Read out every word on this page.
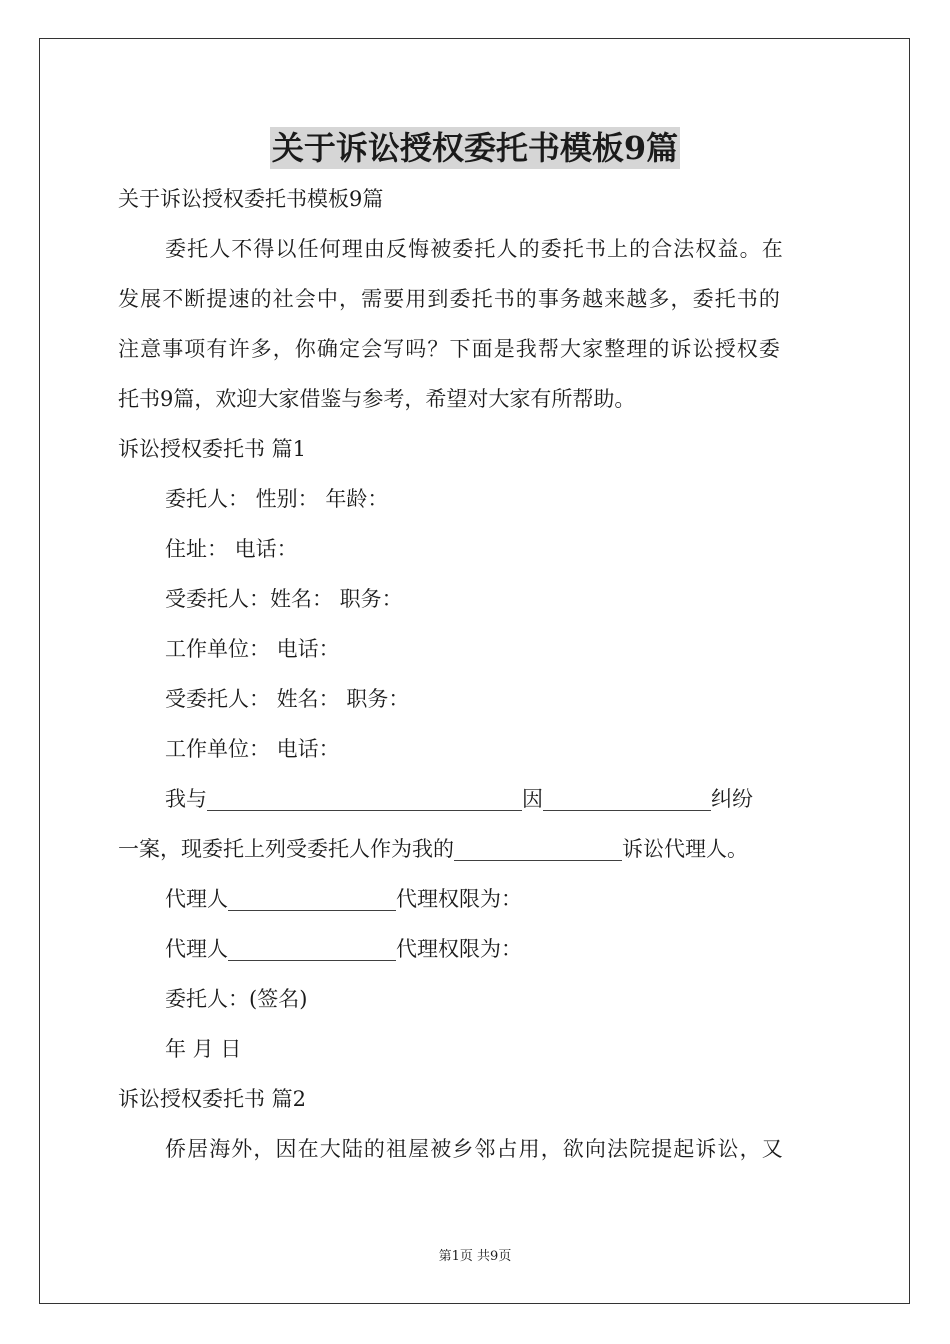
关于诉讼授权委托书模板9篇
关于诉讼授权委托书模板9篇
委托人不得以任何理由反悔被委托人的委托书上的合法权益。在
发展不断提速的社会中，需要用到委托书的事务越来越多，委托书的
注意事项有许多，你确定会写吗？下面是我帮大家整理的诉讼授权委
托书9篇，欢迎大家借鉴与参考，希望对大家有所帮助。
诉讼授权委托书 篇1
委托人： 性别： 年龄：
住址： 电话：
受委托人：姓名： 职务：
工作单位： 电话：
受委托人： 姓名： 职务：
工作单位： 电话：
我与______________________________因________________纠纷
一案，现委托上列受委托人作为我的________________诉讼代理人。
代理人________________代理权限为：
代理人________________代理权限为：
委托人：(签名)
年 月 日
诉讼授权委托书 篇2
侨居海外，因在大陆的祖屋被乡邻占用，欲向法院提起诉讼，又
第1页 共9页
